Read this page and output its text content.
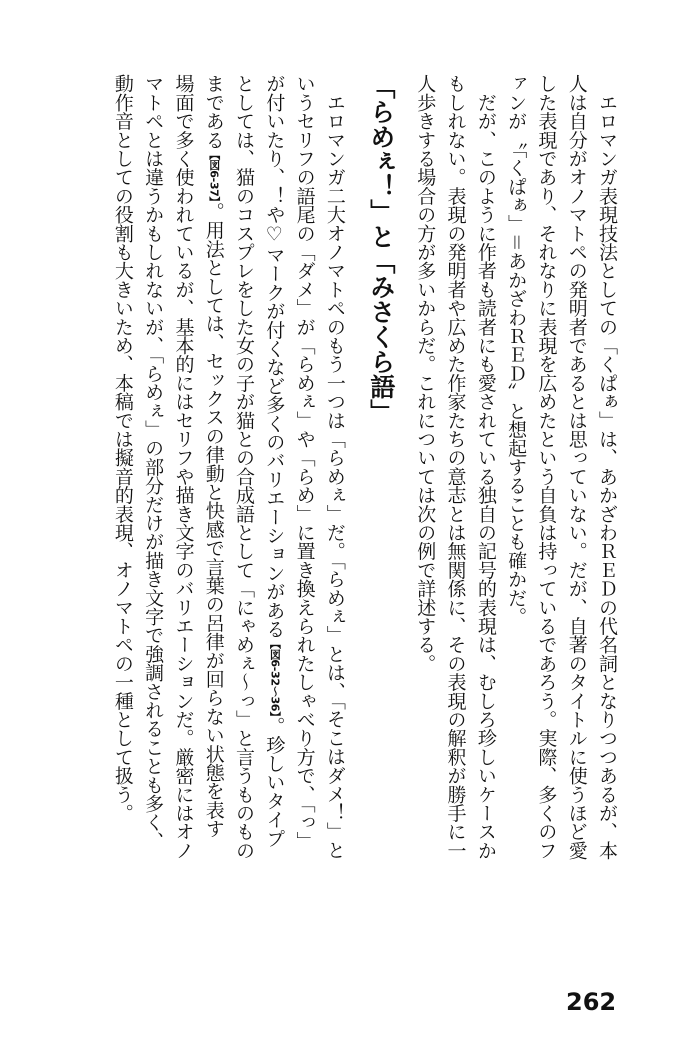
　エロマンガ表現技法としての「くぱぁ」は、あかざわＲＥＤの代名詞となりつつあるが、本
人は自分がオノマトペの発明者であるとは思っていない。だが、自著のタイトルに使うほど愛
した表現であり、それなりに表現を広めたという自負は持っているであろう。実際、多くのフ
ァンが〝「くぱぁ」＝あかざわＲＥＤ〟と想起することも確かだ。
　だが、このように作者も読者にも愛されている独自の記号的表現は、むしろ珍しいケースか
もしれない。表現の発明者や広めた作家たちの意志とは無関係に、その表現の解釈が勝手に一
人歩きする場合の方が多いからだ。これについては次の例で詳述する。
「らめぇ！」と「みさくら語」
　エロマンガ二大オノマトペのもう一つは「らめぇ」だ。「らめぇ」とは、「そこはダメ！」と
いうセリフの語尾の「ダメ」が「らめぇ」や「らめ」に置き換えられたしゃべり方で、「っ」
が付いたり、！や♡マークが付くなど多くのバリエーションがある【図6-32〜36】。珍しいタイプ
としては、猫のコスプレをした女の子が猫との合成語として「にゃめぇ〜っ」と言うものもの
まである【図6-37】。用法としては、セックスの律動と快感で言葉の呂律が回らない状態を表す
場面で多く使われているが、基本的にはセリフや描き文字のバリエーションだ。厳密にはオノ
マトペとは違うかもしれないが、「らめぇ」の部分だけが描き文字で強調されることも多く、
動作音としての役割も大きいため、本稿では擬音的表現、オノマトペの一種として扱う。
262
